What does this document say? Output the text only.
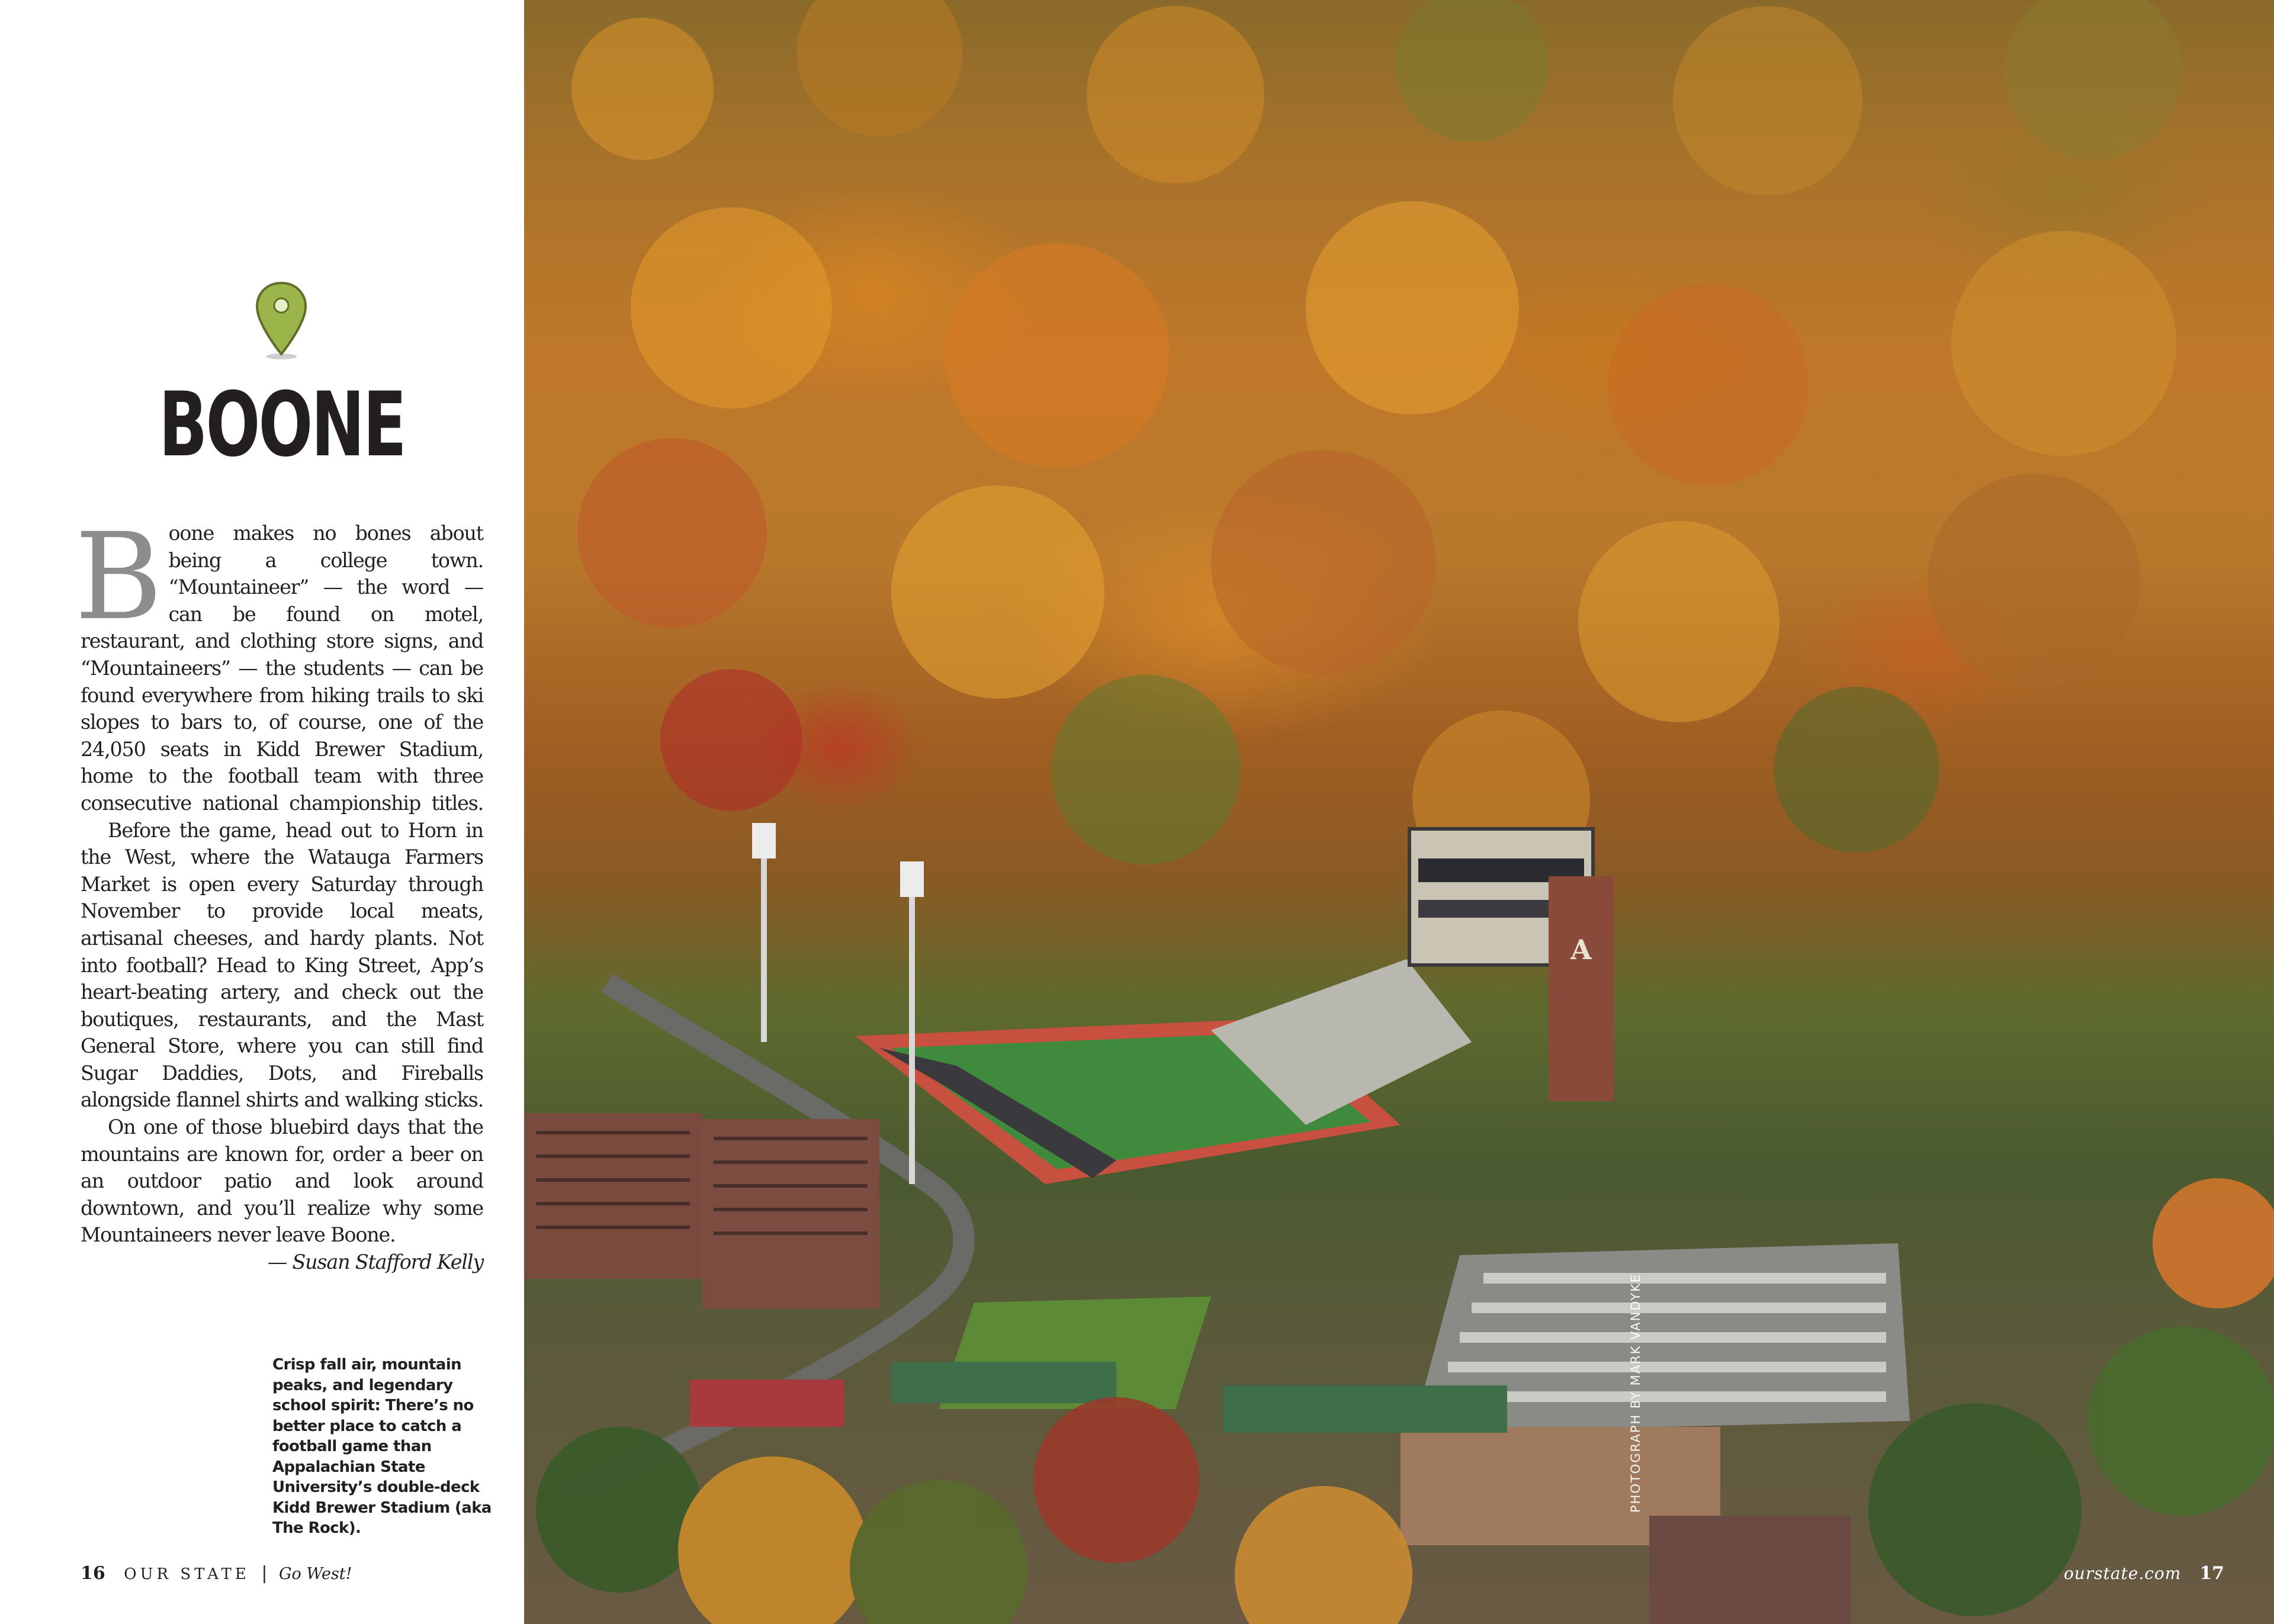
BOONE

Boone makes no bones about being a college town. “Mountaineer” — the word — can be found on motel, restaurant, and clothing store signs, and “Mountaineers” — the students — can be found everywhere from hiking trails to ski slopes to bars to, of course, one of the 24,050 seats in Kidd Brewer Stadium, home to the football team with three consecutive national championship titles.

Before the game, head out to Horn in the West, where the Watauga Farmers Market is open every Saturday through November to provide local meats, artisanal cheeses, and hardy plants. Not into football? Head to King Street, App’s heart-beating artery, and check out the boutiques, restaurants, and the Mast General Store, where you can still find Sugar Daddies, Dots, and Fireballs alongside flannel shirts and walking sticks.

On one of those bluebird days that the mountains are known for, order a beer on an outdoor patio and look around downtown, and you’ll realize why some Mountaineers never leave Boone.
— Susan Stafford Kelly

Crisp fall air, mountain peaks, and legendary school spirit: There’s no better place to catch a football game than Appalachian State University’s double-deck Kidd Brewer Stadium (aka The Rock).
16 OUR STATE | Go West!
A
PHOTOGRAPH BY MARK VANDYKE
ourstate.com 17
